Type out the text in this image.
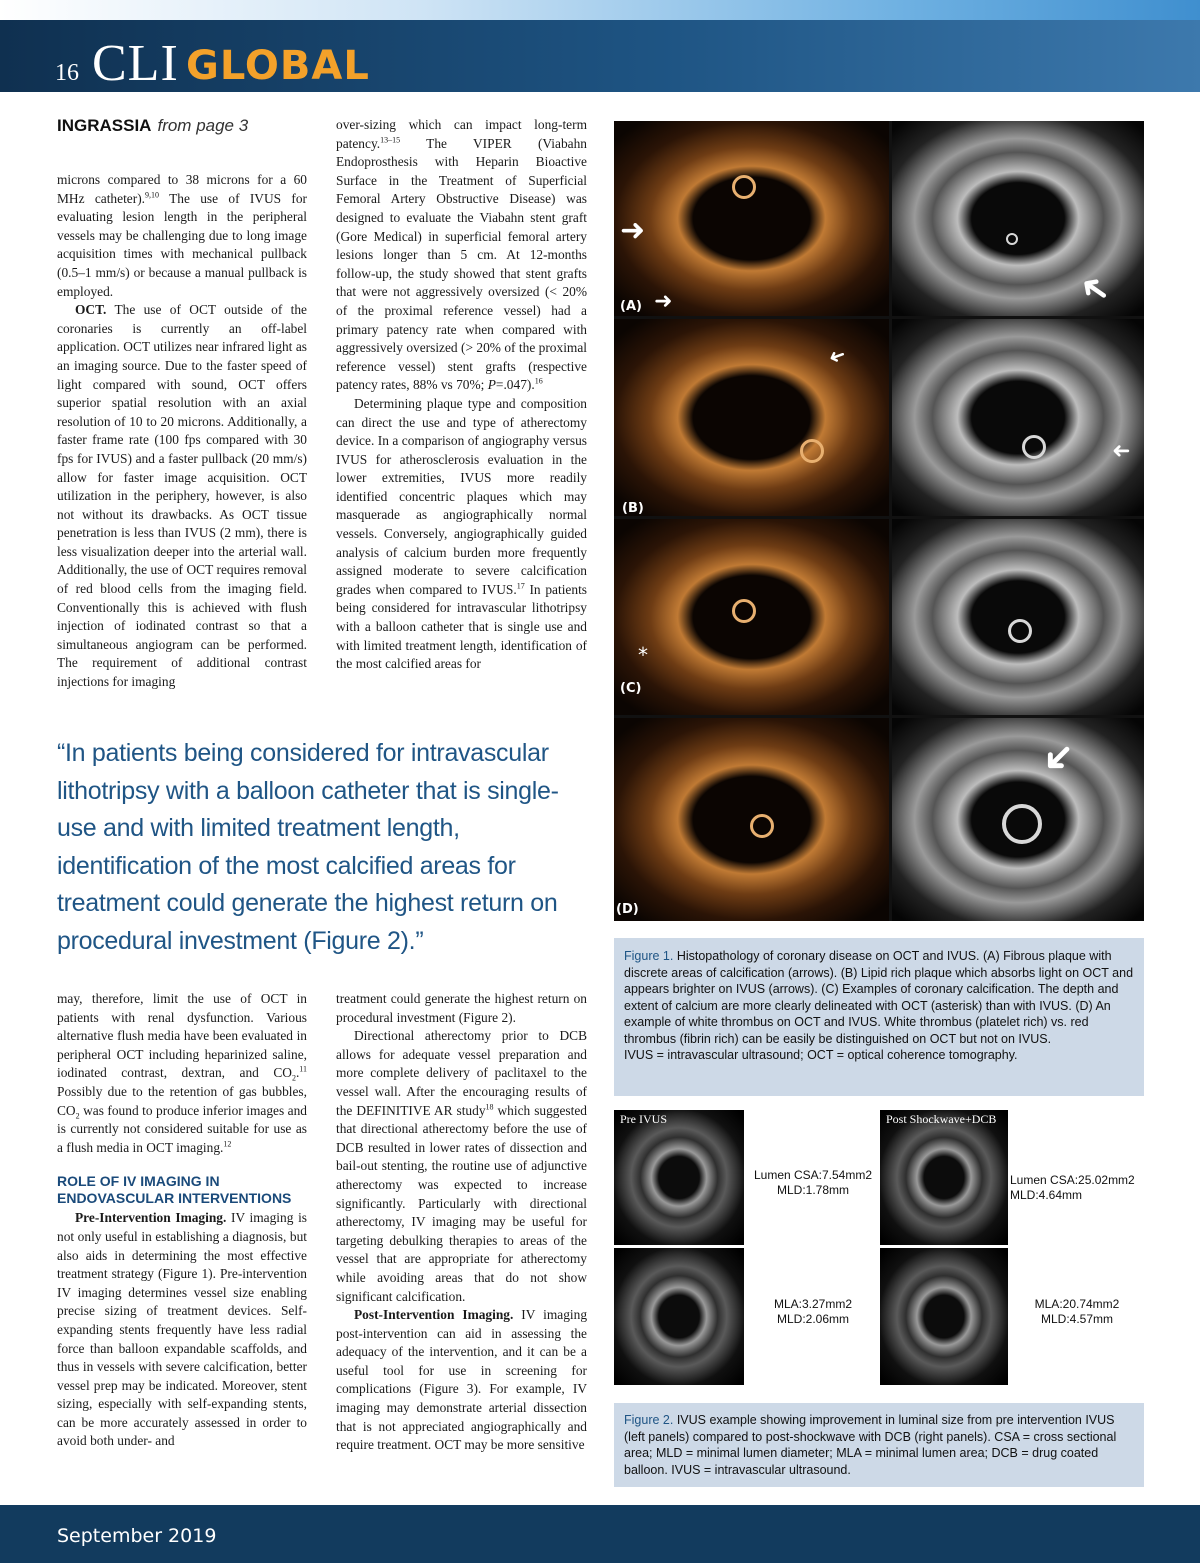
16 CLI GLOBAL
INGRASSIA from page 3

microns compared to 38 microns for a 60 MHz catheter).$^{9,10}$ The use of IVUS for evaluating lesion length in the peripheral vessels may be challenging due to long image acquisition times with mechanical pullback (0.5–1 mm/s) or because a manual pullback is employed.

OCT. The use of OCT outside of the coronaries is currently an off-label application. OCT utilizes near infrared light as an imaging source. Due to the faster speed of light compared with sound, OCT offers superior spatial resolution with an axial resolution of 10 to 20 microns. Additionally, a faster frame rate (100 fps compared with 30 fps for IVUS) and a faster pullback (20 mm/s) allow for faster image acquisition. OCT utilization in the periphery, however, is also not without its drawbacks. As OCT tissue penetration is less than IVUS (2 mm), there is less visualization deeper into the arterial wall. Additionally, the use of OCT requires removal of red blood cells from the imaging field. Conventionally this is achieved with flush injection of iodinated contrast so that a simultaneous angiogram can be performed. The requirement of additional contrast injections for imaging

over-sizing which can impact long-term patency.$^{13-15}$ The VIPER (Viabahn Endoprosthesis with Heparin Bioactive Surface in the Treatment of Superficial Femoral Artery Obstructive Disease) was designed to evaluate the Viabahn stent graft (Gore Medical) in superficial femoral artery lesions longer than 5 cm. At 12-months follow-up, the study showed that stent grafts that were not aggressively oversized (< 20% of the proximal reference vessel) had a primary patency rate when compared with aggressively oversized (> 20% of the proximal reference vessel) stent grafts (respective patency rates, 88% vs 70%; P=.047).$^{16}$

Determining plaque type and composition can direct the use and type of atherectomy device. In a comparison of angiography versus IVUS for atherosclerosis evaluation in the lower extremities, IVUS more readily identified concentric plaques which may masquerade as angiographically normal vessels. Conversely, angiographically guided analysis of calcium burden more frequently assigned moderate to severe calcification grades when compared to IVUS.$^{17}$ In patients being considered for intravascular lithotripsy with a balloon catheter that is single use and with limited treatment length, identification of the most calcified areas for

“In patients being considered for intravascular lithotripsy with a balloon catheter that is single-use and with limited treatment length, identification of the most calcified areas for treatment could generate the highest return on procedural investment (Figure 2).”

may, therefore, limit the use of OCT in patients with renal dysfunction. Various alternative flush media have been evaluated in peripheral OCT including heparinized saline, iodinated contrast, dextran, and $CO_2.^{11}$ Possibly due to the retention of gas bubbles, $CO_2$ was found to produce inferior images and is currently not considered suitable for use as a flush media in OCT imaging.$^{12}$

ROLE OF IV IMAGING IN ENDOVASCULAR INTERVENTIONS

Pre-Intervention Imaging. IV imaging is not only useful in establishing a diagnosis, but also aids in determining the most effective treatment strategy (Figure 1). Pre-intervention IV imaging determines vessel size enabling precise sizing of treatment devices. Self-expanding stents frequently have less radial force than balloon expandable scaffolds, and thus in vessels with severe calcification, better vessel prep may be indicated. Moreover, stent sizing, especially with self-expanding stents, can be more accurately assessed in order to avoid both under- and

treatment could generate the highest return on procedural investment (Figure 2).

Directional atherectomy prior to DCB allows for adequate vessel preparation and more complete delivery of paclitaxel to the vessel wall. After the encouraging results of the DEFINITIVE AR study$^{18}$ which suggested that directional atherectomy before the use of DCB resulted in lower rates of dissection and bail-out stenting, the routine use of adjunctive atherectomy was expected to increase significantly. Particularly with directional atherectomy, IV imaging may be useful for targeting debulking therapies to areas of the vessel that are appropriate for atherectomy while avoiding areas that do not show significant calcification.

Post-Intervention Imaging. IV imaging post-intervention can aid in assessing the adequacy of the intervention, and it can be a useful tool for use in screening for complications (Figure 3). For example, IV imaging may demonstrate arterial dissection that is not appreciated angiographically and require treatment. OCT may be more sensitive

➜
➜
(A)	➜
➜
(B)
➜
*
(C)
(D)
➜

Figure 1. Histopathology of coronary disease on OCT and IVUS. (A) Fibrous plaque with discrete areas of calcification (arrows). (B) Lipid rich plaque which absorbs light on OCT and appears brighter on IVUS (arrows). (C) Examples of coronary calcification. The depth and extent of calcium are more clearly delineated with OCT (asterisk) than with IVUS. (D) An example of white thrombus on OCT and IVUS. White thrombus (platelet rich) vs. red thrombus (fibrin rich) can be easily be distinguished on OCT but not on IVUS.

IVUS = intravascular ultrasound; OCT = optical coherence tomography.

Pre IVUS
Lumen CSA:7.54mm2
MLD:1.78mm
MLA:3.27mm2
MLD:2.06mm
Post Shockwave+DCB
Lumen CSA:25.02mm2
MLD:4.64mm
MLA:20.74mm2
MLD:4.57mm

Figure 2. IVUS example showing improvement in luminal size from pre intervention IVUS (left panels) compared to post-shockwave with DCB (right panels). CSA = cross sectional area; MLD = minimal lumen diameter; MLA = minimal lumen area; DCB = drug coated balloon. IVUS = intravascular ultrasound.

September 2019
